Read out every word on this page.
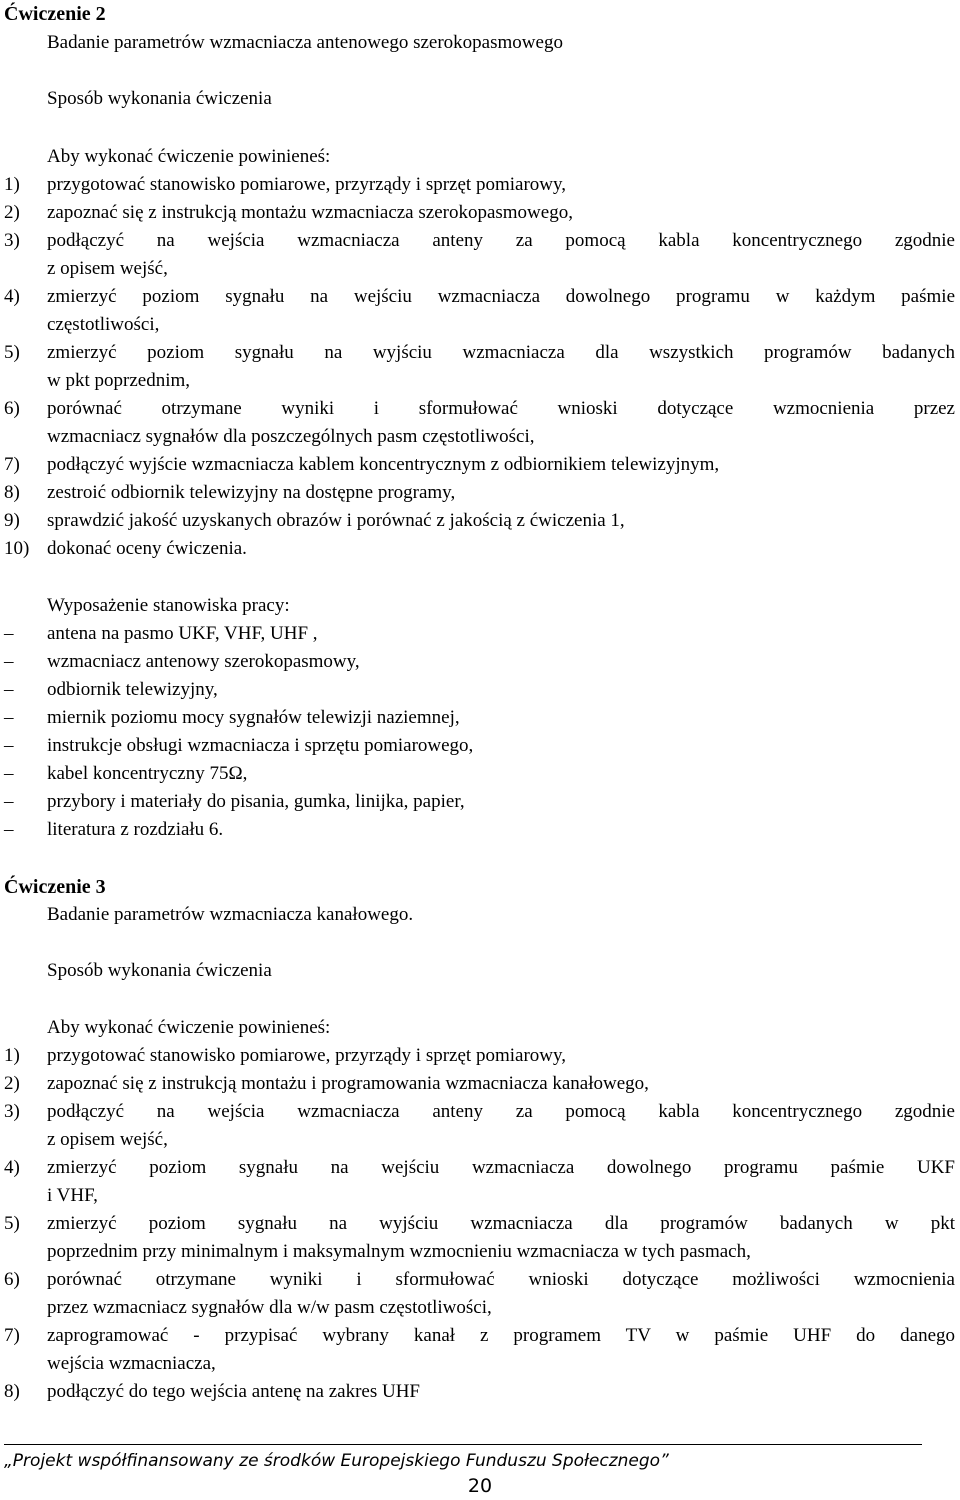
Ćwiczenie 2
Badanie parametrów wzmacniacza antenowego szerokopasmowego
Sposób wykonania ćwiczenia
Aby wykonać ćwiczenie powinieneś:
1)	przygotować stanowisko pomiarowe, przyrządy i sprzęt pomiarowy,
2)	zapoznać się z instrukcją montażu wzmacniacza szerokopasmowego,
3)	podłączyć na wejścia wzmacniacza anteny za pomocą kabla koncentrycznego zgodnie
z opisem wejść,
4)	zmierzyć poziom sygnału na wejściu wzmacniacza dowolnego programu w każdym paśmie
częstotliwości,
5)	zmierzyć poziom sygnału na wyjściu wzmacniacza dla wszystkich programów badanych
w pkt poprzednim,
6)	porównać otrzymane wyniki i sformułować wnioski dotyczące wzmocnienia przez
wzmacniacz sygnałów dla poszczególnych pasm częstotliwości,
7)	podłączyć wyjście wzmacniacza kablem koncentrycznym z odbiornikiem telewizyjnym,
8)	zestroić odbiornik telewizyjny na dostępne programy,
9)	sprawdzić jakość uzyskanych obrazów i porównać z jakością z ćwiczenia 1,
10) dokonać oceny ćwiczenia.
Wyposażenie stanowiska pracy:
–	antena na pasmo UKF, VHF, UHF ,
–	wzmacniacz antenowy szerokopasmowy,
–	odbiornik telewizyjny,
–	miernik poziomu mocy sygnałów telewizji naziemnej,
–	instrukcje obsługi wzmacniacza i sprzętu pomiarowego,
–	kabel koncentryczny 75Ω,
–	przybory i materiały do pisania, gumka, linijka, papier,
–	literatura z rozdziału 6.
Ćwiczenie 3
Badanie parametrów wzmacniacza kanałowego.
Sposób wykonania ćwiczenia
Aby wykonać ćwiczenie powinieneś:
1)	przygotować stanowisko pomiarowe, przyrządy i sprzęt pomiarowy,
2)	zapoznać się z instrukcją montażu i programowania wzmacniacza kanałowego,
3)	podłączyć na wejścia wzmacniacza anteny za pomocą kabla koncentrycznego zgodnie
z opisem wejść,
4)	zmierzyć poziom sygnału na wejściu wzmacniacza dowolnego programu paśmie UKF
i VHF,
5)	zmierzyć poziom sygnału na wyjściu wzmacniacza dla programów badanych w pkt
poprzednim przy minimalnym i maksymalnym wzmocnieniu wzmacniacza w tych pasmach,
6)	porównać otrzymane wyniki i sformułować wnioski dotyczące możliwości wzmocnienia
przez wzmacniacz sygnałów dla w/w pasm częstotliwości,
7)	zaprogramować - przypisać wybrany kanał z programem TV w paśmie UHF do danego
wejścia wzmacniacza,
8)	podłączyć do tego wejścia antenę na zakres UHF
„Projekt współfinansowany ze środków Europejskiego Funduszu Społecznego”
20
